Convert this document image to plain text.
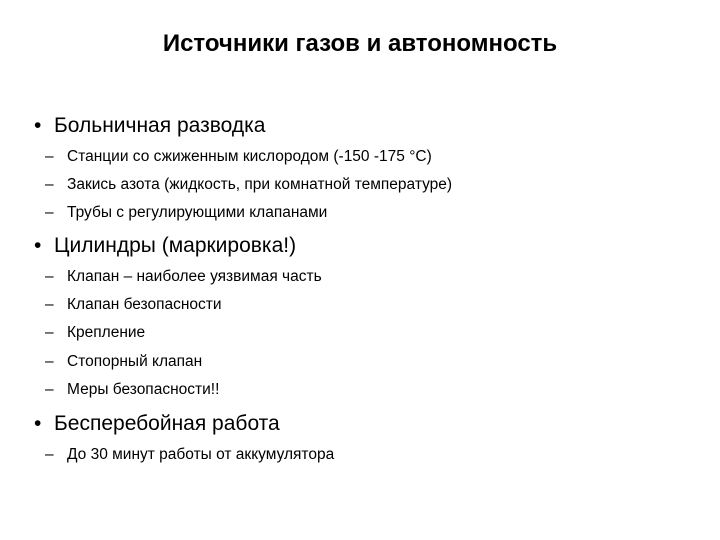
Источники газов и автономность
• Больничная разводка
– Станции со сжиженным кислородом (-150 -175 °С)
– Закись азота (жидкость, при комнатной температуре)
– Трубы с регулирующими клапанами
• Цилиндры (маркировка!)
– Клапан – наиболее уязвимая часть
– Клапан безопасности
– Крепление
– Стопорный клапан
– Меры безопасности!!
• Бесперебойная работа
– До 30 минут работы от аккумулятора
